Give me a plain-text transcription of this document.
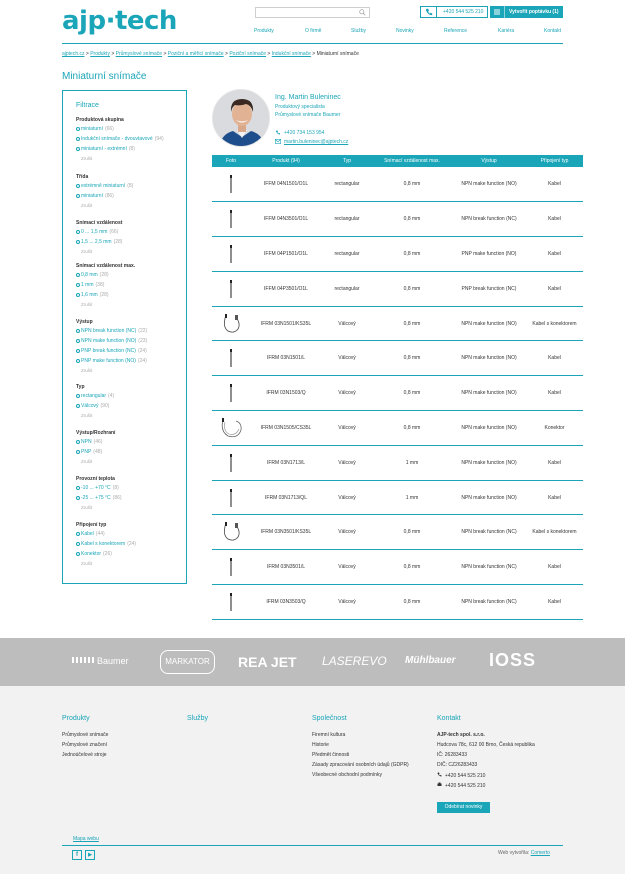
ajp·tech	+420 544 525 210	Vytvořit poptávku (1)
Produkty	O firmě	Služby	Novinky	Reference	Kariéra	Kontakt
ajptech.cz > Produkty > Průmyslové snímače > Poziční a měřicí snímače > Poziční snímače > Indukční snímače > Miniaturní snímače
Miniaturní snímače
Filtrace
Produktová skupina
miniaturní (66)
Indukční snímače - dvouvtavové (94)
miniaturní - extrémní (8)
Zrušit
Třída
extrémně miniaturní (8)
miniaturní (86)
Zrušit
Snímací vzdálenost
0 ... 1,5 mm (66)
1,5 ... 2,5 mm (28)
Zrušit
Snímací vzdálenost max.
0,8 mm (28)
1 mm (38)
1,6 mm (28)
Zrušit
Výstup
NPN break function (NC) (22)
NPN make function (NO) (23)
PNP break function (NC) (24)
PNP make function (NO) (24)
Zrušit
Typ
rectangular (4)
Válcový (90)
Zrušit
Výstup/Rozhraní
NPN (46)
PNP (48)
Zrušit
Provozní teplota
-10 ... +70 °C (8)
-25 ... +75 °C (86)
Zrušit
Připojení typ
Kabel (44)
Kabel s konektorem (24)
Konektor (26)
Zrušit
Ing. Martin Buleninec
Produktový specialista
Průmyslové snímače Baumer
+420 734 153 954
martin.buleninec@ajptech.cz
Foto	Produkt (94)	Typ	Snímací vzdálenost max.	Výstup	Připojení typ

	IFFM 04N1501/O1L	rectangular	0,8 mm	NPN make function (NO)	Kabel

	IFFM 04N3501/O1L	rectangular	0,8 mm	NPN break function (NC)	Kabel

	IFFM 04P1501/O1L	rectangular	0,8 mm	PNP make function (NO)	Kabel

	IFFM 04P3501/O1L	rectangular	0,8 mm	PNP break function (NC)	Kabel

	IFRM 03N1501/KS35L	Válcový	0,8 mm	NPN make function (NO)	Kabel s konektorem

	IFRM 03N1501/L	Válcový	0,8 mm	NPN make function (NO)	Kabel

	IFRM 03N1503/Q	Válcový	0,8 mm	NPN make function (NO)	Kabel

	IFRM 03N1505/CS35L	Válcový	0,8 mm	NPN make function (NO)	Konektor

	IFRM 03N1713/L	Válcový	1 mm	NPN make function (NO)	Kabel

	IFRM 03N1713/QL	Válcový	1 mm	NPN make function (NO)	Kabel

	IFRM 03N3501/KS35L	Válcový	0,8 mm	NPN break function (NC)	Kabel s konektorem

	IFRM 03N3501/L	Válcový	0,8 mm	NPN break function (NC)	Kabel

	IFRM 03N3503/Q	Válcový	0,8 mm	NPN break function (NC)	Kabel
Baumer	MARKATOR	REA JET LASEREVO Mühlbauer IOSS
Produkty
Průmyslové snímače
Průmyslové značení
Jednoúčelové stroje
Služby	Společnost
Firemní kultura
Historie
Předmět činnosti
Zásady zpracování osobních údajů (GDPR)
Všeobecné obchodní podmínky
Kontakt
AJP-tech spol. s.r.o.
Hudcova 78c, 612 00 Brno, Česká republika
IČ: 26283433
DIČ: CZ26283433
+420 544 525 210
+420 544 525 210
Odebírat novinky
Mapa webu
f	▶	Web vytvořila: Comerto
